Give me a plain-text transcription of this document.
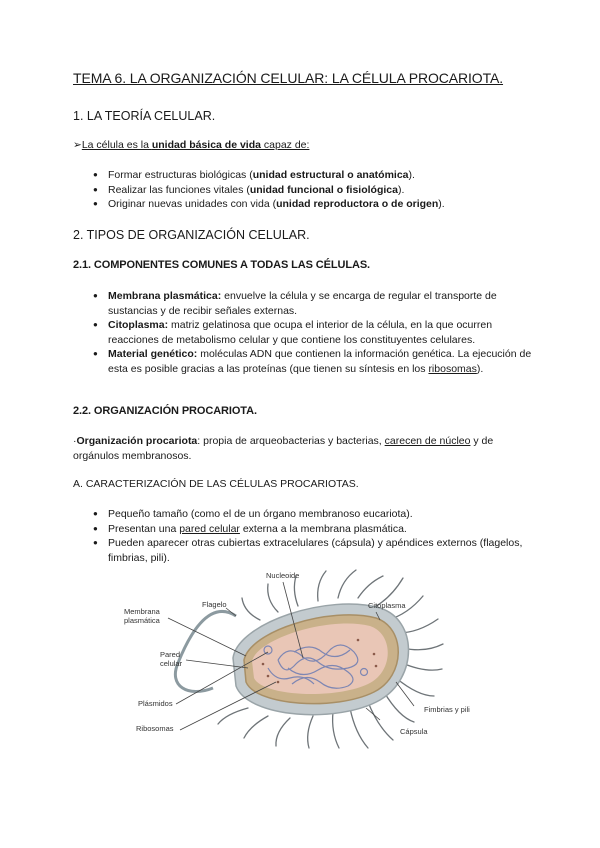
TEMA 6. LA ORGANIZACIÓN CELULAR: LA CÉLULA PROCARIOTA.
1. LA TEORÍA CELULAR.

➢La célula es la unidad básica de vida capaz de:

● Formar estructuras biológicas (unidad estructural o anatómica).
● Realizar las funciones vitales (unidad funcional o fisiológica).
● Originar nuevas unidades con vida (unidad reproductora o de origen).
2. TIPOS DE ORGANIZACIÓN CELULAR.
2.1. COMPONENTES COMUNES A TODAS LAS CÉLULAS.
● Membrana plasmática: envuelve la célula y se encarga de regular el transporte de sustancias y de recibir señales externas.
● Citoplasma: matriz gelatinosa que ocupa el interior de la célula, en la que ocurren reacciones de metabolismo celular y que contiene los constituyentes celulares.
● Material genético: moléculas ADN que contienen la información genética. La ejecución de esta es posible gracias a las proteínas (que tienen su síntesis en los ribosomas).
2.2. ORGANIZACIÓN PROCARIOTA.

·Organización procariota: propia de arqueobacterias y bacterias, carecen de núcleo y de orgánulos membranosos.

A. CARACTERIZACIÓN DE LAS CÉLULAS PROCARIOTAS.

● Pequeño tamaño (como el de un órgano membranoso eucariota).
● Presentan una pared celular externa a la membrana plasmática.
● Pueden aparecer otras cubiertas extracelulares (cápsula) y apéndices externos (flagelos, fimbrias, pili).
Membrana
plasmática
Flagelo
Nucleoide
Citoplasma
Pared
celular
Plásmidos
Ribosomas
Fimbrias y pili
Cápsula
